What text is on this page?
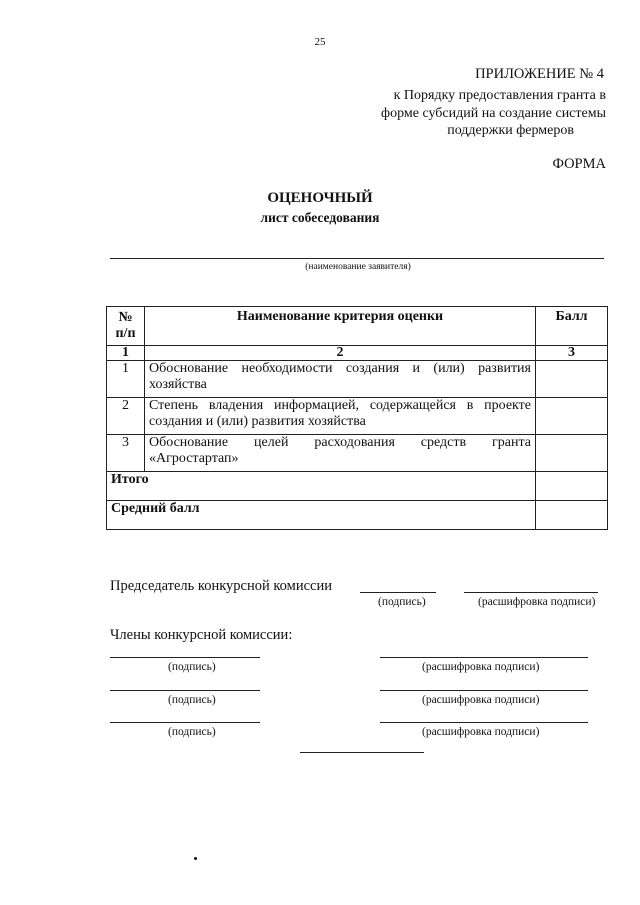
25
ПРИЛОЖЕНИЕ № 4
к Порядку предоставления гранта в
форме субсидий на создание системы
поддержки фермеров
ФОРМА
ОЦЕНОЧНЫЙ
лист собеседования
(наименование заявителя)
№
п/п	Наименование критерия оценки	Балл
1	2	3
1	Обоснование необходимости создания и (или) развития хозяйства	
2	Степень владения информацией, содержащейся в проекте создания и (или) развития хозяйства	
3	Обоснование целей расходования средств гранта «Агростартап»	
Итого		
Средний балл		
Председатель конкурсной комиссии
(подпись)	(расшифровка подписи)
Члены конкурсной комиссии:
(подпись)	(расшифровка подписи)
(подпись)	(расшифровка подписи)
(подпись)	(расшифровка подписи)
